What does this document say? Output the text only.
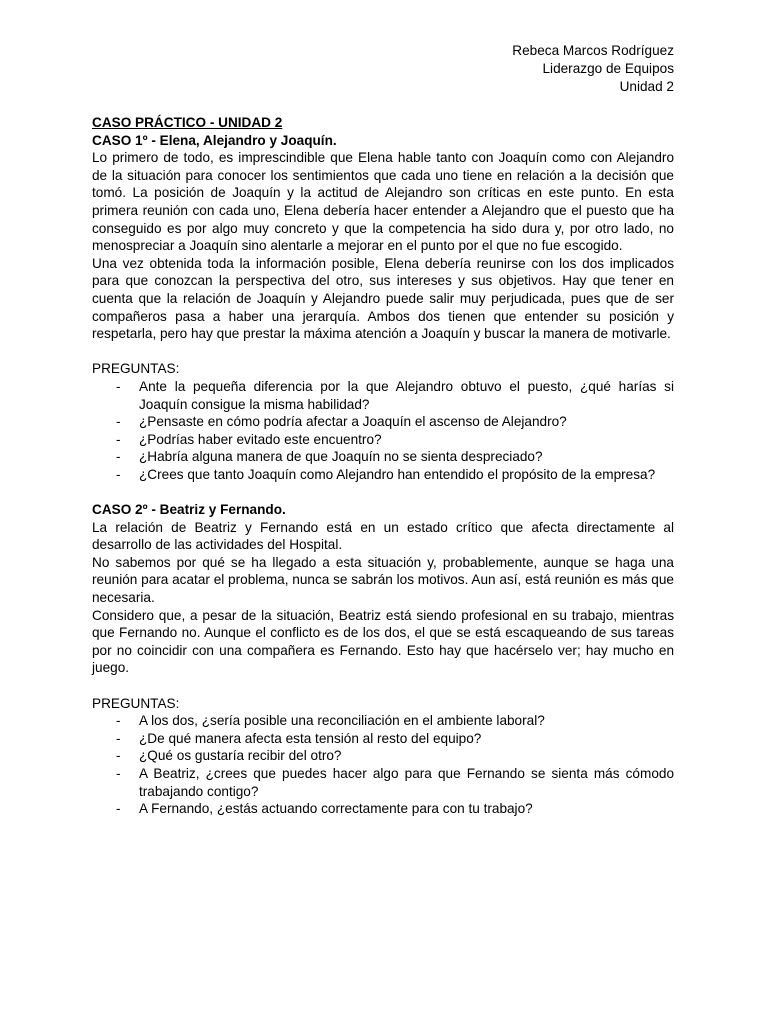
Rebeca Marcos Rodríguez
Liderazgo de Equipos
Unidad 2
CASO PRÁCTICO - UNIDAD 2
CASO 1º - Elena, Alejandro y Joaquín.

Lo primero de todo, es imprescindible que Elena hable tanto con Joaquín como con Alejandro de la situación para conocer los sentimientos que cada uno tiene en relación a la decisión que tomó. La posición de Joaquín y la actitud de Alejandro son críticas en este punto. En esta primera reunión con cada uno, Elena debería hacer entender a Alejandro que el puesto que ha conseguido es por algo muy concreto y que la competencia ha sido dura y, por otro lado, no menospreciar a Joaquín sino alentarle a mejorar en el punto por el que no fue escogido.

Una vez obtenida toda la información posible, Elena debería reunirse con los dos implicados para que conozcan la perspectiva del otro, sus intereses y sus objetivos. Hay que tener en cuenta que la relación de Joaquín y Alejandro puede salir muy perjudicada, pues que de ser compañeros pasa a haber una jerarquía. Ambos dos tienen que entender su posición y respetarla, pero hay que prestar la máxima atención a Joaquín y buscar la manera de motivarle.

PREGUNTAS:
- Ante la pequeña diferencia por la que Alejandro obtuvo el puesto, ¿qué harías si Joaquín consigue la misma habilidad?
- ¿Pensaste en cómo podría afectar a Joaquín el ascenso de Alejandro?
- ¿Podrías haber evitado este encuentro?
- ¿Habría alguna manera de que Joaquín no se sienta despreciado?
- ¿Crees que tanto Joaquín como Alejandro han entendido el propósito de la empresa?
CASO 2º - Beatriz y Fernando.

La relación de Beatriz y Fernando está en un estado crítico que afecta directamente al desarrollo de las actividades del Hospital.

No sabemos por qué se ha llegado a esta situación y, probablemente, aunque se haga una reunión para acatar el problema, nunca se sabrán los motivos. Aun así, está reunión es más que necesaria.

Considero que, a pesar de la situación, Beatriz está siendo profesional en su trabajo, mientras que Fernando no. Aunque el conflicto es de los dos, el que se está escaqueando de sus tareas por no coincidir con una compañera es Fernando. Esto hay que hacérselo ver; hay mucho en juego.

PREGUNTAS:
- A los dos, ¿sería posible una reconciliación en el ambiente laboral?
- ¿De qué manera afecta esta tensión al resto del equipo?
- ¿Qué os gustaría recibir del otro?
- A Beatriz, ¿crees que puedes hacer algo para que Fernando se sienta más cómodo trabajando contigo?
- A Fernando, ¿estás actuando correctamente para con tu trabajo?
